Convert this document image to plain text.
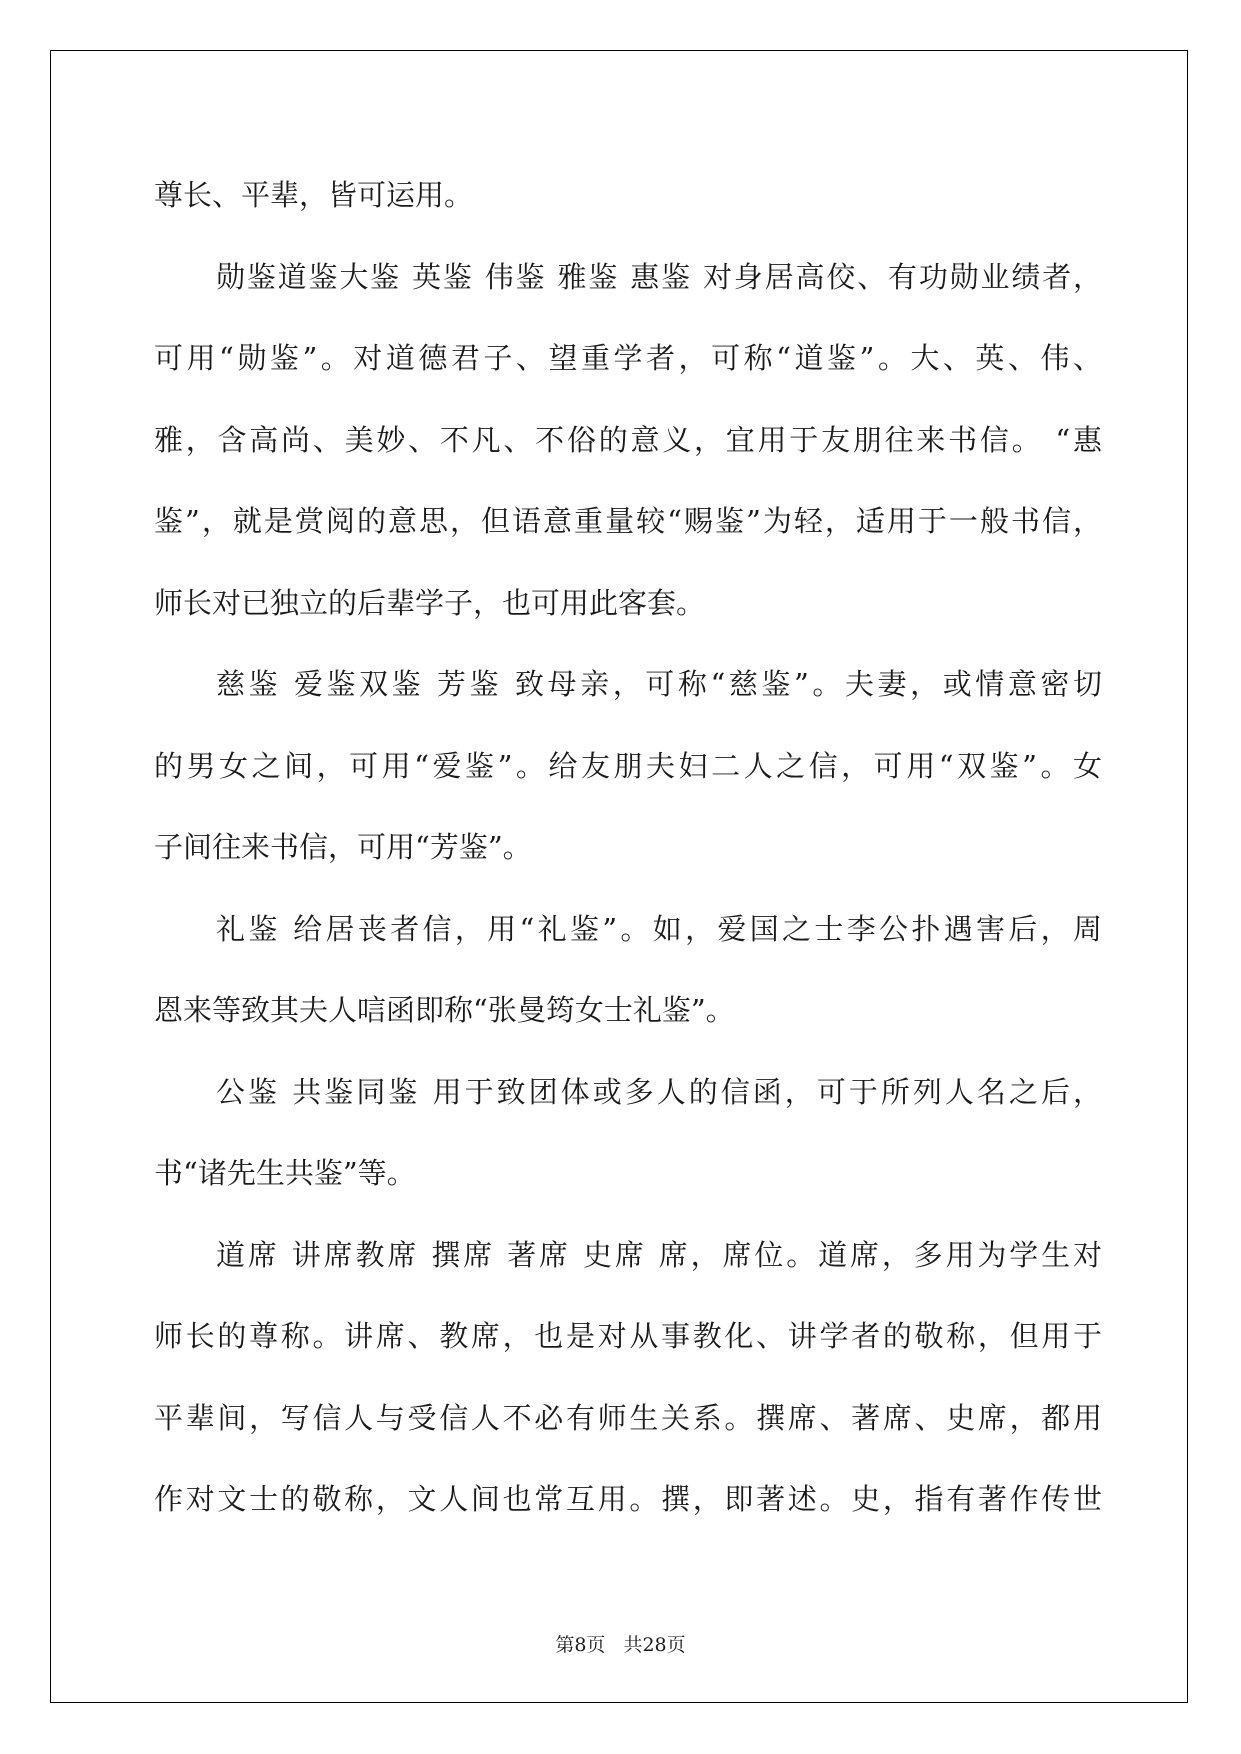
尊长、平辈，皆可运用。
勋鉴道鉴大鉴 英鉴 伟鉴 雅鉴 惠鉴 对身居高佼、有功勋业绩者，
可用“勋鉴”。对道德君子、望重学者，可称“道鉴”。大、英、伟、
雅，含高尚、美妙、不凡、不俗的意义，宜用于友朋往来书信。 “惠
鉴”，就是赏阅的意思，但语意重量较“赐鉴”为轻，适用于一般书信，
师长对已独立的后辈学子，也可用此客套。
慈鉴 爱鉴双鉴 芳鉴 致母亲，可称“慈鉴”。夫妻，或情意密切
的男女之间，可用“爱鉴”。给友朋夫妇二人之信，可用“双鉴”。女
子间往来书信，可用“芳鉴”。
礼鉴 给居丧者信，用“礼鉴”。如，爱国之士李公扑遇害后，周
恩来等致其夫人唁函即称“张曼筠女士礼鉴”。
公鉴 共鉴同鉴 用于致团体或多人的信函，可于所列人名之后，
书“诸先生共鉴”等。
道席 讲席教席 撰席 著席 史席 席，席位。道席，多用为学生对
师长的尊称。讲席、教席，也是对从事教化、讲学者的敬称，但用于
平辈间，写信人与受信人不必有师生关系。撰席、著席、史席，都用
作对文士的敬称，文人间也常互用。撰，即著述。史，指有著作传世
第8页 共28页
